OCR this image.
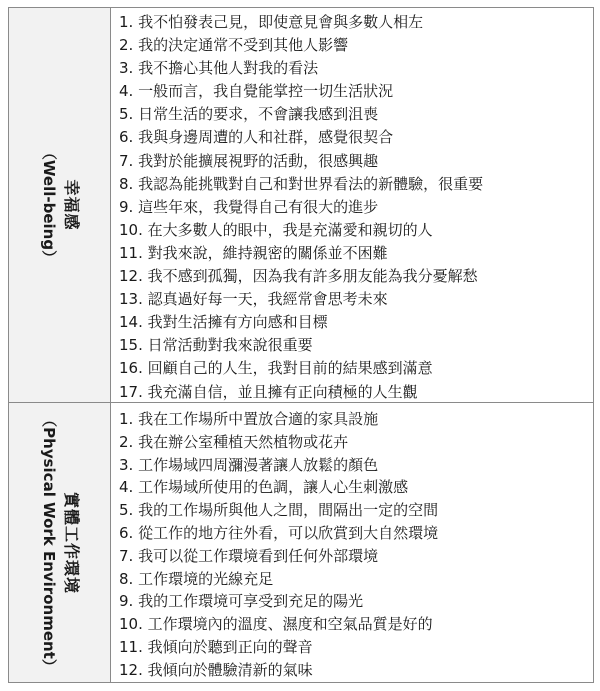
幸福感
（Well-being）
1. 我不怕發表己見，即使意見會與多數人相左
2. 我的決定通常不受到其他人影響
3. 我不擔心其他人對我的看法
4. 一般而言，我自覺能掌控一切生活狀況
5. 日常生活的要求，不會讓我感到沮喪
6. 我與身邊周遭的人和社群，感覺很契合
7. 我對於能擴展視野的活動，很感興趣
8. 我認為能挑戰對自己和對世界看法的新體驗，很重要
9. 這些年來，我覺得自己有很大的進步
10. 在大多數人的眼中，我是充滿愛和親切的人
11. 對我來說，維持親密的關係並不困難
12. 我不感到孤獨，因為我有許多朋友能為我分憂解愁
13. 認真過好每一天，我經常會思考未來
14. 我對生活擁有方向感和目標
15. 日常活動對我來說很重要
16. 回顧自己的人生，我對目前的結果感到滿意
17. 我充滿自信，並且擁有正向積極的人生觀
實體工作環境
（Physical Work Environment）	1. 我在工作場所中置放合適的家具設施
2. 我在辦公室種植天然植物或花卉
3. 工作場域四周瀰漫著讓人放鬆的顏色
4. 工作場域所使用的色調，讓人心生刺激感
5. 我的工作場所與他人之間，間隔出一定的空間
6. 從工作的地方往外看，可以欣賞到大自然環境
7. 我可以從工作環境看到任何外部環境
8. 工作環境的光線充足
9. 我的工作環境可享受到充足的陽光
10. 工作環境內的溫度、濕度和空氣品質是好的
11. 我傾向於聽到正向的聲音
12. 我傾向於體驗清新的氣味
